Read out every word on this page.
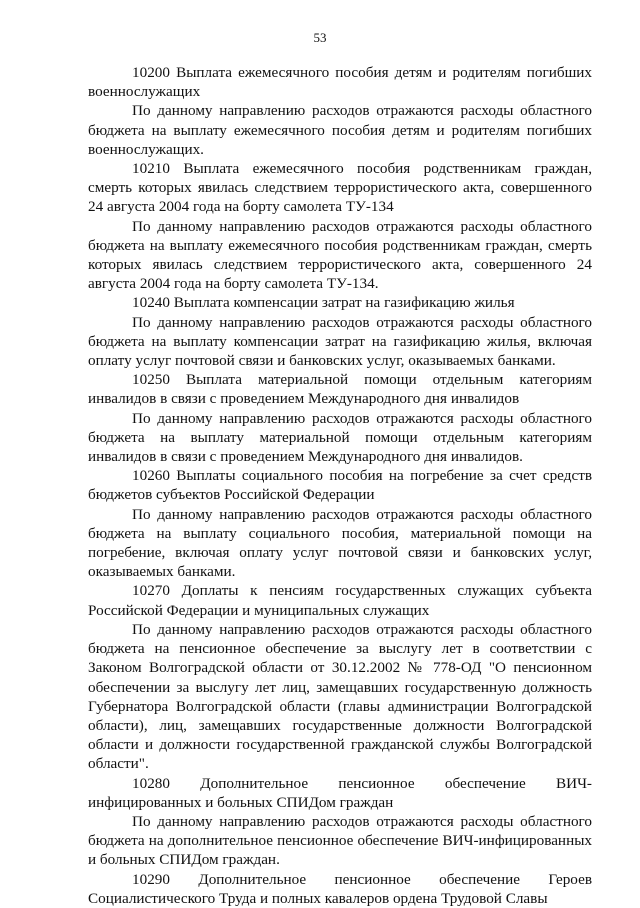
53

10200 Выплата ежемесячного пособия детям и родителям погибших военнослужащих

По данному направлению расходов отражаются расходы областного бюджета на выплату ежемесячного пособия детям и родителям погибших военнослужащих.

10210 Выплата ежемесячного пособия родственникам граждан, смерть которых явилась следствием террористического акта, совершенного 24 августа 2004 года на борту самолета ТУ-134

По данному направлению расходов отражаются расходы областного бюджета на выплату ежемесячного пособия родственникам граждан, смерть которых явилась следствием террористического акта, совершенного 24 августа 2004 года на борту самолета ТУ-134.

10240 Выплата компенсации затрат на газификацию жилья

По данному направлению расходов отражаются расходы областного бюджета на выплату компенсации затрат на газификацию жилья, включая оплату услуг почтовой связи и банковских услуг, оказываемых банками.

10250 Выплата материальной помощи отдельным категориям инвалидов в связи с проведением Международного дня инвалидов

По данному направлению расходов отражаются расходы областного бюджета на выплату материальной помощи отдельным категориям инвалидов в связи с проведением Международного дня инвалидов.

10260 Выплаты социального пособия на погребение за счет средств бюджетов субъектов Российской Федерации

По данному направлению расходов отражаются расходы областного бюджета на выплату социального пособия, материальной помощи на погребение, включая оплату услуг почтовой связи и банковских услуг, оказываемых банками.

10270 Доплаты к пенсиям государственных служащих субъекта Российской Федерации и муниципальных служащих

По данному направлению расходов отражаются расходы областного бюджета на пенсионное обеспечение за выслугу лет в соответствии с Законом Волгоградской области от 30.12.2002 № 778-ОД "О пенсионном обеспечении за выслугу лет лиц, замещавших государственную должность Губернатора Волгоградской области (главы администрации Волгоградской области), лиц, замещавших государственные должности Волгоградской области и должности государственной гражданской службы Волгоградской области".

10280 Дополнительное пенсионное обеспечение ВИЧ-инфицированных и больных СПИДом граждан

По данному направлению расходов отражаются расходы областного бюджета на дополнительное пенсионное обеспечение ВИЧ-инфицированных и больных СПИДом граждан.

10290 Дополнительное пенсионное обеспечение Героев Социалистического Труда и полных кавалеров ордена Трудовой Славы
